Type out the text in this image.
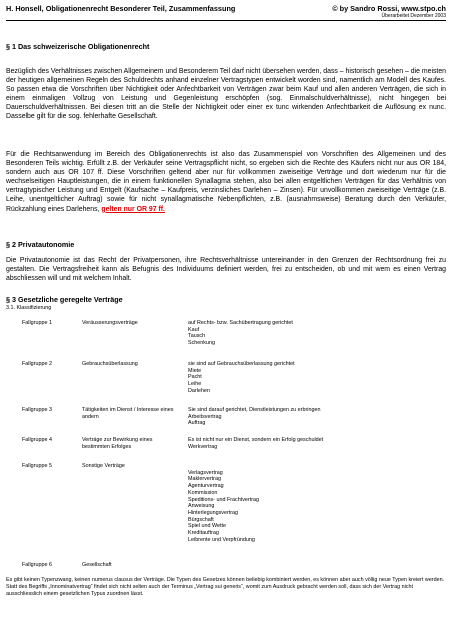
H. Honsell, Obligationenrecht Besonderer Teil, Zusammenfassung	© by Sandro Rossi, www.stpo.ch
Überarbeitet Dezember 2003
§ 1 Das schweizerische Obligationenrecht

Bezüglich des Verhältnisses zwischen Allgemeinem und Besonderem Teil darf nicht übersehen werden, dass – historisch gesehen – die meisten der heutigen allgemeinen Regeln des Schuldrechts anhand einzelner Vertragstypen entwickelt worden sind, namentlich am Modell des Kaufes. So passen etwa die Vorschriften über Nichtigkeit oder Anfechtbarkeit von Verträgen zwar beim Kauf und allen anderen Verträgen, die sich in einem einmaligen Vollzug von Leistung und Gegenleistung erschöpfen (sog. Einmalschuldverhältnisse), nicht hingegen bei Dauerschuldverhältnissen. Bei diesen tritt an die Stelle der Nichtigkeit oder einer ex tunc wirkenden Anfechtbarkeit die Auflösung ex nunc. Dasselbe gilt für die sog. fehlerhafte Gesellschaft.

Für die Rechtsanwendung im Bereich des Obligationenrechts ist also das Zusammenspiel von Vorschriften des Allgemeinen und des Besonderen Teils wichtig. Erfüllt z.B. der Verkäufer seine Vertragspflicht nicht, so ergeben sich die Rechte des Käufers nicht nur aus OR 184, sondern auch aus OR 107 ff. Diese Vorschriften geltend aber nur für vollkommen zweiseitige Verträge und dort wiederum nur für die wechselseitigen Hauptleistungen, die in einem funktionellen Synallagma stehen, also bei allen entgeltlichen Verträgen für das Verhältnis von vertragtypischer Leistung und Entgelt (Kaufsache – Kaufpreis, verzinsliches Darlehen – Zinsen). Für unvollkommen zweiseitige Verträge (z.B. Leihe, unentgeltlicher Auftrag) sowie für nicht synallagmatische Nebenpflichten, z.B. (ausnahmsweise) Beratung durch den Verkäufer, Rückzahlung eines Darlehens, gelten nur OR 97 ff.

§ 2 Privatautonomie

Die Privatautonomie ist das Recht der Privatpersonen, ihre Rechtsverhältnisse untereinander in den Grenzen der Rechtsordnung frei zu gestalten. Die Vertragsfreiheit kann als Befugnis des Individuums definiert werden, frei zu entscheiden, ob und mit wem es einen Vertrag abschliessen will und mit welchem Inhalt.

§ 3 Gesetzliche geregelte Verträge
3.1. Klassifizierung
Fallgruppe 1	Veräusserungsverträge	auf Rechts- bzw. Sachübertragung gerichtet
Kauf
Tausch
Schenkung
Fallgruppe 2	Gebrauchsüberlassung	sie sind auf Gebrauchsüberlassung gerichtet
Miete
Pacht
Leihe
Darlehen
Fallgruppe 3	Tätigkeiten im Dienst / Interesse eines andern
Sie sind darauf gerichtet, Dienstleistungen zu erbringen
Arbeitsvertrag
Auftrag
Fallgruppe 4	Verträge zur Bewirkung eines bestimmten Erfolges
Es ist nicht nur ein Dienst, sondern ein Erfolg geschuldet
Werkvertrag
Fallgruppe 5	Sonstige Verträge

Verlagsvertrag
Maklervertrag
Agenturvertrag
Kommission
Speditions- und Frachtvertrag
Anweisung
Hinterlegungsvertrag
Bürgschaft
Spiel und Wette
Kreditauftrag
Leibrente und Verpfründung
Fallgruppe 6	Gesellschaft

Es gibt keinen Typenzwang, keinen numerus clausus der Verträge. Die Typen des Gesetzes können beliebig kombiniert werden, es können aber auch völlig neue Typen kreiert werden. Statt des Begriffs „Innominatvertrag“ findet sich nicht selten auch der Terminus „Vertrag sui generis“, womit zum Ausdruck gebracht werden soll, dass sich der Vertrag nicht ausschliesslich einem gesetzlichen Typus zuordnen lässt.
